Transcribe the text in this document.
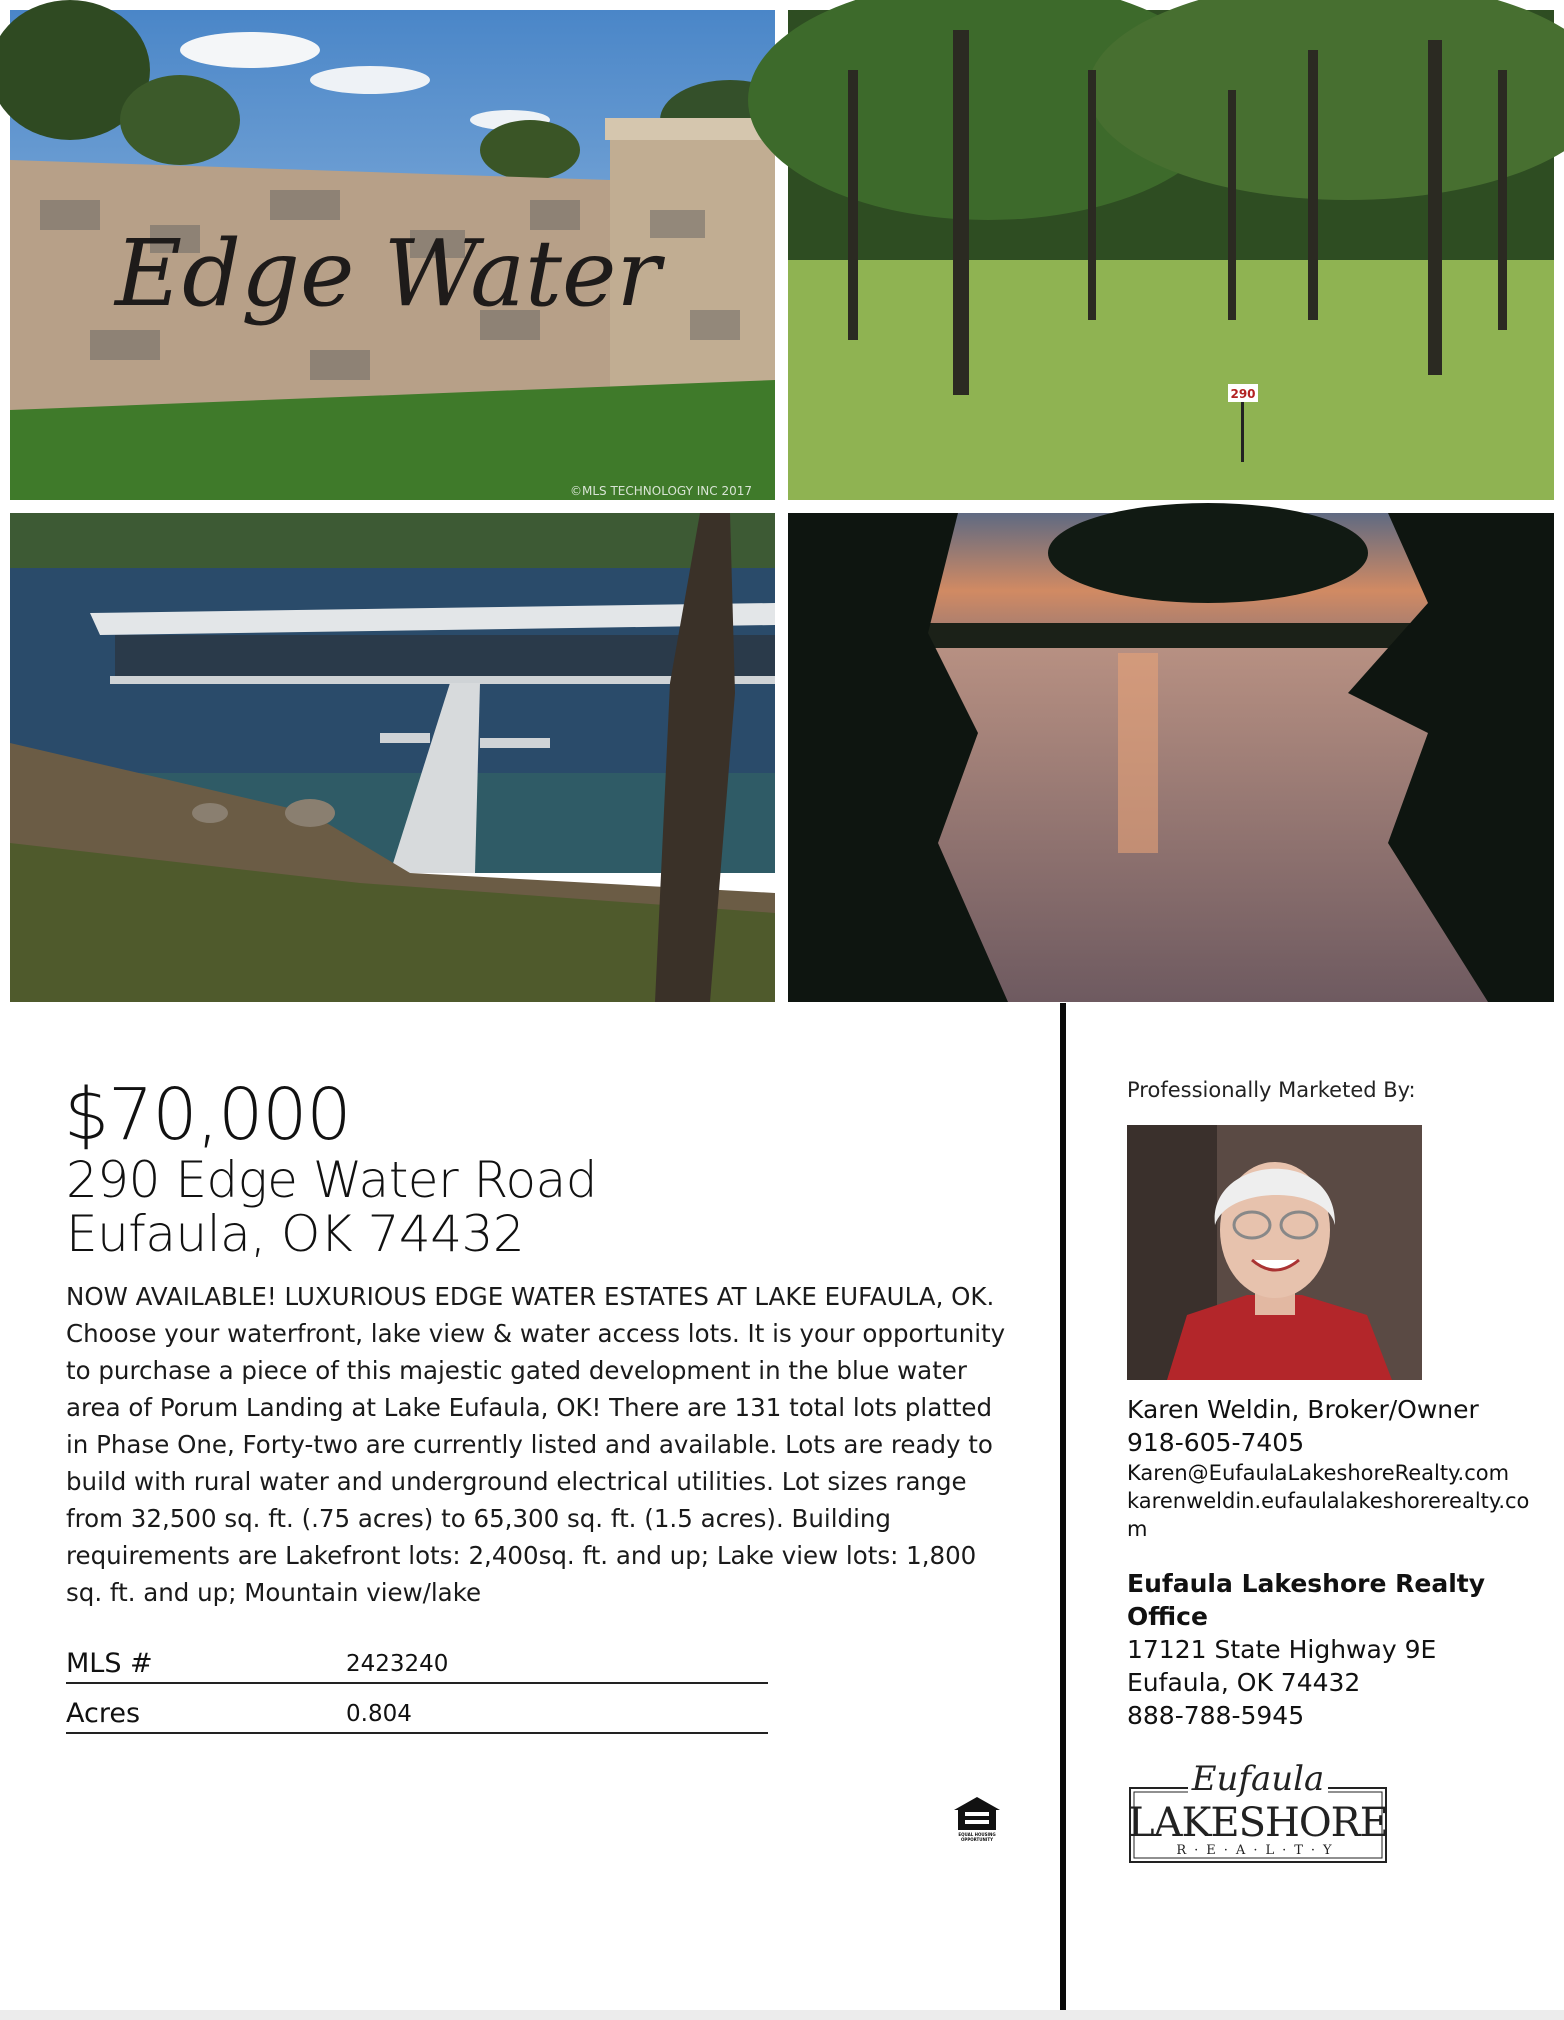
Edge Water
©MLS TECHNOLOGY INC 2017
290
$70,000
290 Edge Water Road
Eufaula, OK 74432
NOW AVAILABLE! LUXURIOUS EDGE WATER ESTATES AT LAKE EUFAULA, OK. Choose your waterfront, lake view & water access lots. It is your opportunity to purchase a piece of this majestic gated development in the blue water area of Porum Landing at Lake Eufaula, OK! There are 131 total lots platted in Phase One, Forty-two are currently listed and available. Lots are ready to build with rural water and underground electrical utilities. Lot sizes range from 32,500 sq. ft. (.75 acres) to 65,300 sq. ft. (1.5 acres). Building requirements are Lakefront lots: 2,400sq. ft. and up; Lake view lots: 1,800 sq. ft. and up; Mountain view/lake
MLS #	2423240
Acres	0.804
EQUAL HOUSING OPPORTUNITY
Professionally Marketed By:
Karen Weldin, Broker/Owner
918-605-7405
Karen@EufaulaLakeshoreRealty.com
karenweldin.eufaulalakeshorerealty.com
Eufaula Lakeshore Realty Office
17121 State Highway 9E
Eufaula, OK 74432
888-788-5945
Eufaula
LAKESHORE
R·E·A·L·T·Y
